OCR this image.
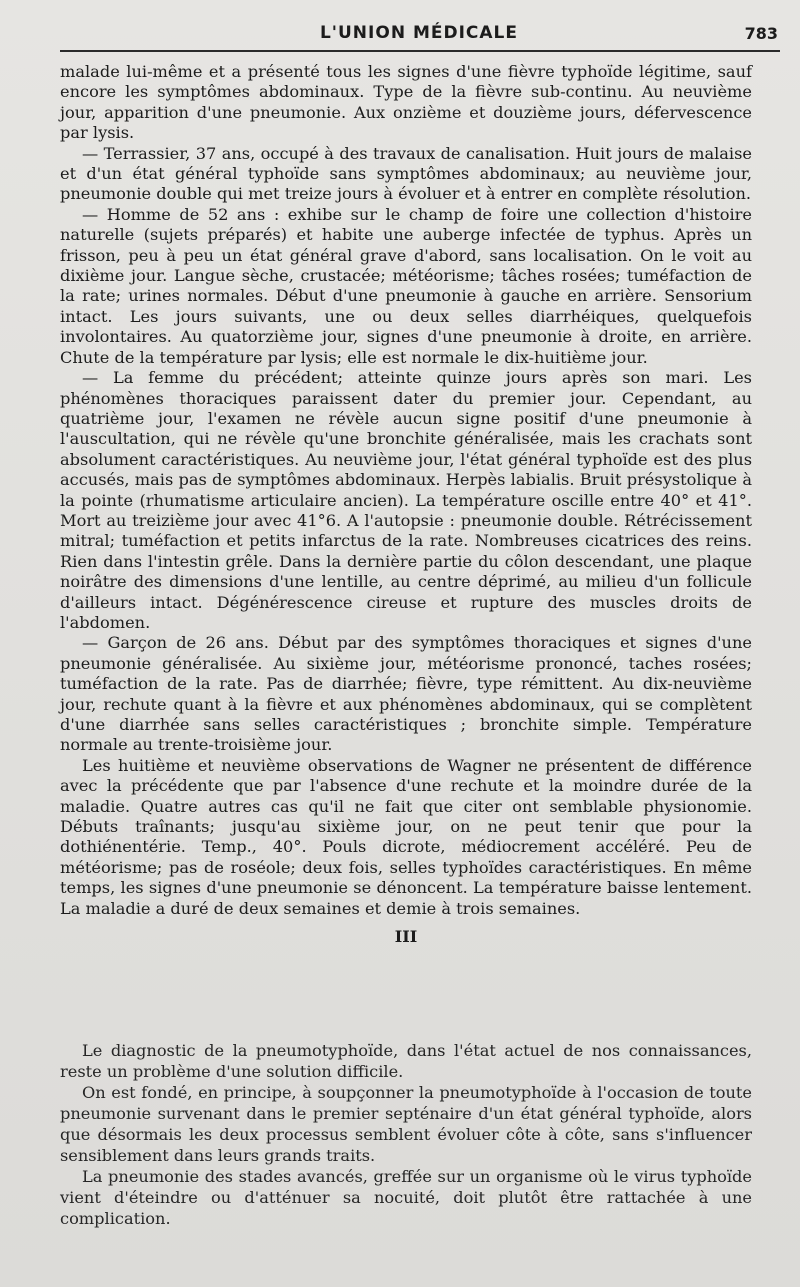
L'UNION MÉDICALE	783

malade lui-même et a présenté tous les signes d'une fièvre typhoïde légitime, sauf encore les symptômes abdominaux. Type de la fièvre sub-continu. Au neuvième jour, apparition d'une pneumonie. Aux onzième et douzième jours, défervescence par lysis.

— Terrassier, 37 ans, occupé à des travaux de canalisation. Huit jours de malaise et d'un état général typhoïde sans symptômes abdominaux; au neuvième jour, pneumonie double qui met treize jours à évoluer et à entrer en complète résolution.

— Homme de 52 ans : exhibe sur le champ de foire une collection d'histoire naturelle (sujets préparés) et habite une auberge infectée de typhus. Après un frisson, peu à peu un état général grave d'abord, sans localisation. On le voit au dixième jour. Langue sèche, crustacée; météorisme; tâches rosées; tuméfaction de la rate; urines normales. Début d'une pneumonie à gauche en arrière. Sensorium intact. Les jours suivants, une ou deux selles diarrhéiques, quelquefois involontaires. Au quatorzième jour, signes d'une pneumonie à droite, en arrière. Chute de la température par lysis; elle est normale le dix-huitième jour.

— La femme du précédent; atteinte quinze jours après son mari. Les phénomènes thoraciques paraissent dater du premier jour. Cependant, au quatrième jour, l'examen ne révèle aucun signe positif d'une pneumonie à l'auscultation, qui ne révèle qu'une bronchite généralisée, mais les crachats sont absolument caractéristiques. Au neuvième jour, l'état général typhoïde est des plus accusés, mais pas de symptômes abdominaux. Herpès labialis. Bruit présystolique à la pointe (rhumatisme articulaire ancien). La température oscille entre 40° et 41°. Mort au treizième jour avec 41°6. A l'autopsie : pneumonie double. Rétrécissement mitral; tuméfaction et petits infarctus de la rate. Nombreuses cicatrices des reins. Rien dans l'intestin grêle. Dans la dernière partie du côlon descendant, une plaque noirâtre des dimensions d'une lentille, au centre déprimé, au milieu d'un follicule d'ailleurs intact. Dégénérescence cireuse et rupture des muscles droits de l'abdomen.

— Garçon de 26 ans. Début par des symptômes thoraciques et signes d'une pneumonie généralisée. Au sixième jour, météorisme prononcé, taches rosées; tuméfaction de la rate. Pas de diarrhée; fièvre, type rémittent. Au dix-neuvième jour, rechute quant à la fièvre et aux phénomènes abdominaux, qui se complètent d'une diarrhée sans selles caractéristiques ; bronchite simple. Température normale au trente-troisième jour.

Les huitième et neuvième observations de Wagner ne présentent de différence avec la précédente que par l'absence d'une rechute et la moindre durée de la maladie. Quatre autres cas qu'il ne fait que citer ont semblable physionomie. Débuts traînants; jusqu'au sixième jour, on ne peut tenir que pour la dothiénentérie. Temp., 40°. Pouls dicrote, médiocrement accéléré. Peu de météorisme; pas de roséole; deux fois, selles typhoïdes caractéristiques. En même temps, les signes d'une pneumonie se dénoncent. La température baisse lentement. La maladie a duré de deux semaines et demie à trois semaines.

III

Le diagnostic de la pneumotyphoïde, dans l'état actuel de nos connaissances, reste un problème d'une solution difficile.

On est fondé, en principe, à soupçonner la pneumotyphoïde à l'occasion de toute pneumonie survenant dans le premier septénaire d'un état général typhoïde, alors que désormais les deux processus semblent évoluer côte à côte, sans s'influencer sensiblement dans leurs grands traits.

La pneumonie des stades avancés, greffée sur un organisme où le virus typhoïde vient d'éteindre ou d'atténuer sa nocuité, doit plutôt être rattachée à une complication.
